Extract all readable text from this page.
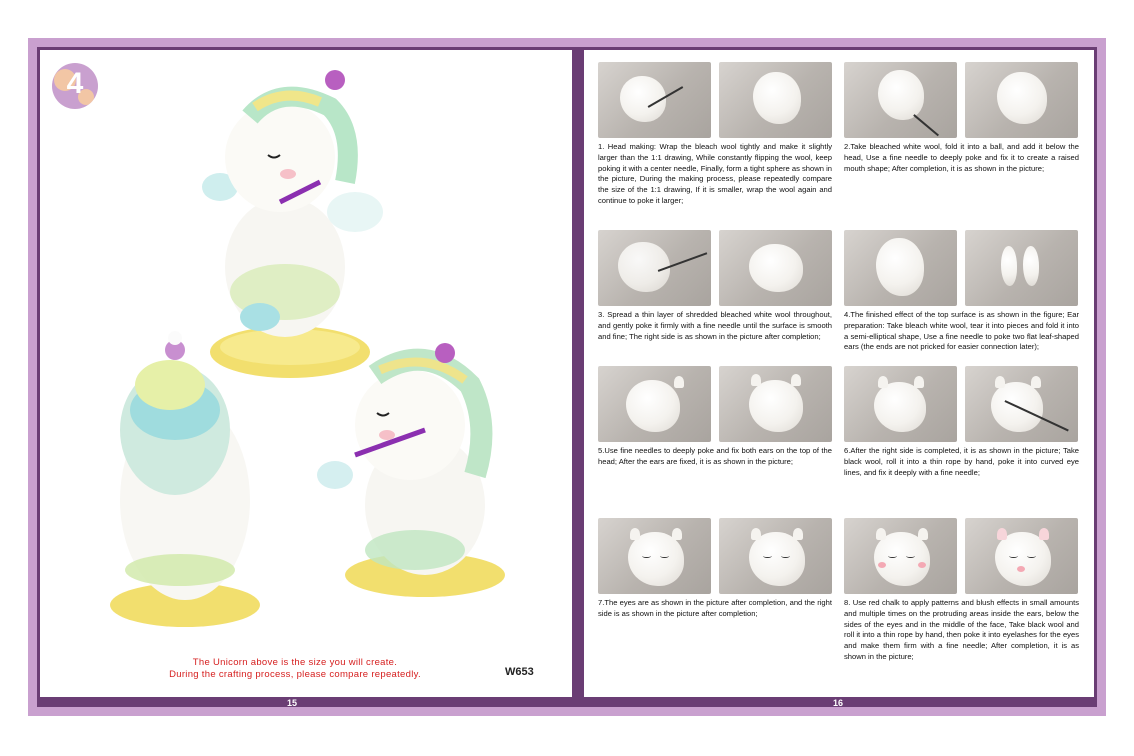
4
The Unicorn above is the size you will create.
During the crafting process, please compare repeatedly.	W653
15	16

1. Head making: Wrap the bleach wool tightly and make it slightly larger than the 1:1 drawing, While constantly flipping the wool, keep poking it with a center needle, Finally, form a tight sphere as shown in the picture, During the making process, please repeatedly compare the size of the 1:1 drawing, If it is smaller, wrap the wool again and continue to poke it larger;

2.Take bleached white wool, fold it into a ball, and add it below the head, Use a fine needle to deeply poke and fix it to create a raised mouth shape; After completion, it is as shown in the picture;

3. Spread a thin layer of shredded bleached white wool throughout, and gently poke it firmly with a fine needle until the surface is smooth and fine; The right side is as shown in the picture after completion;

4.The finished effect of the top surface is as shown in the figure; Ear preparation: Take bleach white wool, tear it into pieces and fold it into a semi-elliptical shape, Use a fine needle to poke two flat leaf-shaped ears (the ends are not pricked for easier connection later);

5.Use fine needles to deeply poke and fix both ears on the top of the head; After the ears are fixed, it is as shown in the picture;

6.After the right side is completed, it is as shown in the picture; Take black wool, roll it into a thin rope by hand, poke it into curved eye lines, and fix it deeply with a fine needle;

7.The eyes are as shown in the picture after completion, and the right side is as shown in the picture after completion;

8. Use red chalk to apply patterns and blush effects in small amounts and multiple times on the protruding areas inside the ears, below the sides of the eyes and in the middle of the face, Take black wool and roll it into a thin rope by hand, then poke it into eyelashes for the eyes and make them firm with a fine needle; After completion, it is as shown in the picture;
